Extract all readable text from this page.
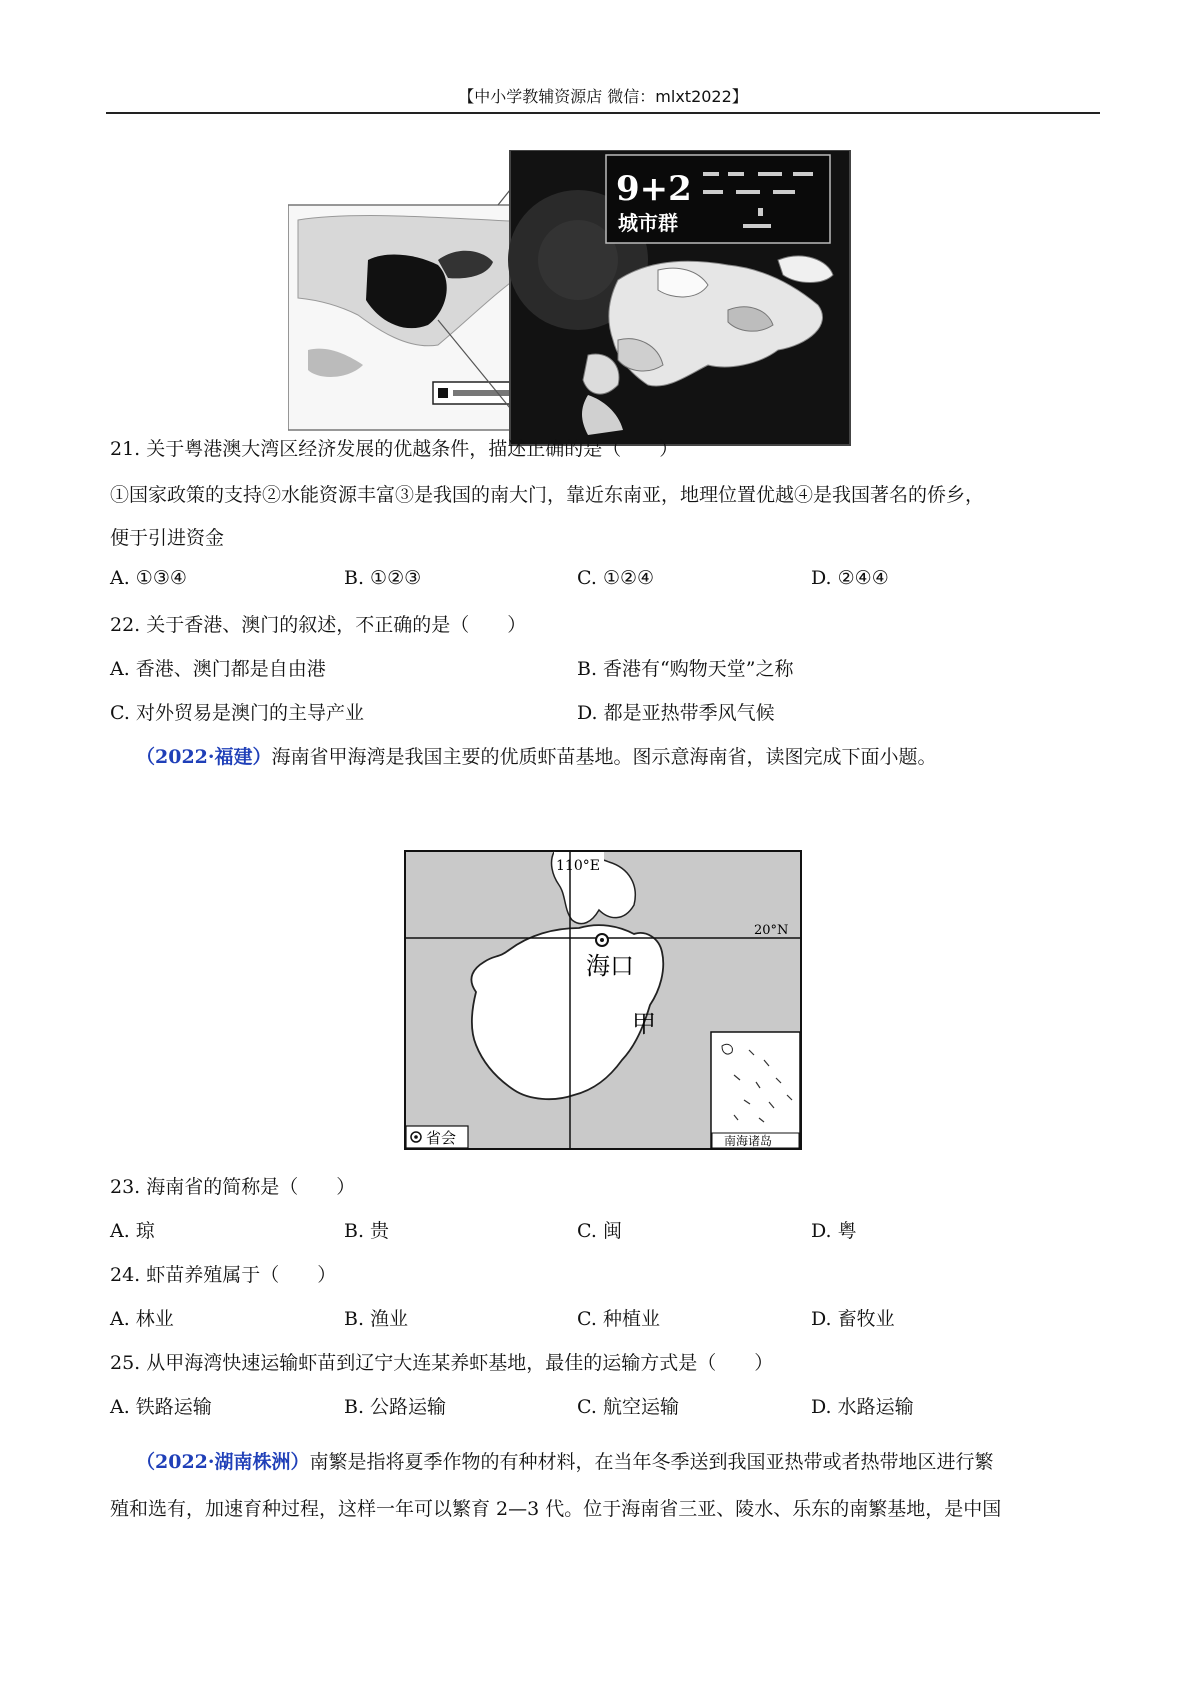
【中小学教辅资源店 微信：mlxt2022】
9+2
城市群
21. 关于粤港澳大湾区经济发展的优越条件，描述正确的是（　　）
①国家政策的支持②水能资源丰富③是我国的南大门，靠近东南亚，地理位置优越④是我国著名的侨乡，
便于引进资金
A. ①③④	B. ①②③	C. ①②④	D. ②④④
22. 关于香港、澳门的叙述，不正确的是（　　）
A. 香港、澳门都是自由港	B. 香港有“购物天堂”之称
C. 对外贸易是澳门的主导产业	D. 都是亚热带季风气候
（2022·福建）海南省甲海湾是我国主要的优质虾苗基地。图示意海南省，读图完成下面小题。
110°E
20°N
海口
甲
省会	南海诸岛
23. 海南省的简称是（　　）
A. 琼	B. 贵	C. 闽	D. 粤
24. 虾苗养殖属于（　　）
A. 林业	B. 渔业	C. 种植业	D. 畜牧业
25. 从甲海湾快速运输虾苗到辽宁大连某养虾基地，最佳的运输方式是（　　）
A. 铁路运输	B. 公路运输	C. 航空运输	D. 水路运输
（2022·湖南株洲）南繁是指将夏季作物的有种材料，在当年冬季送到我国亚热带或者热带地区进行繁
殖和选有，加速育种过程，这样一年可以繁育 2—3 代。位于海南省三亚、陵水、乐东的南繁基地，是中国
